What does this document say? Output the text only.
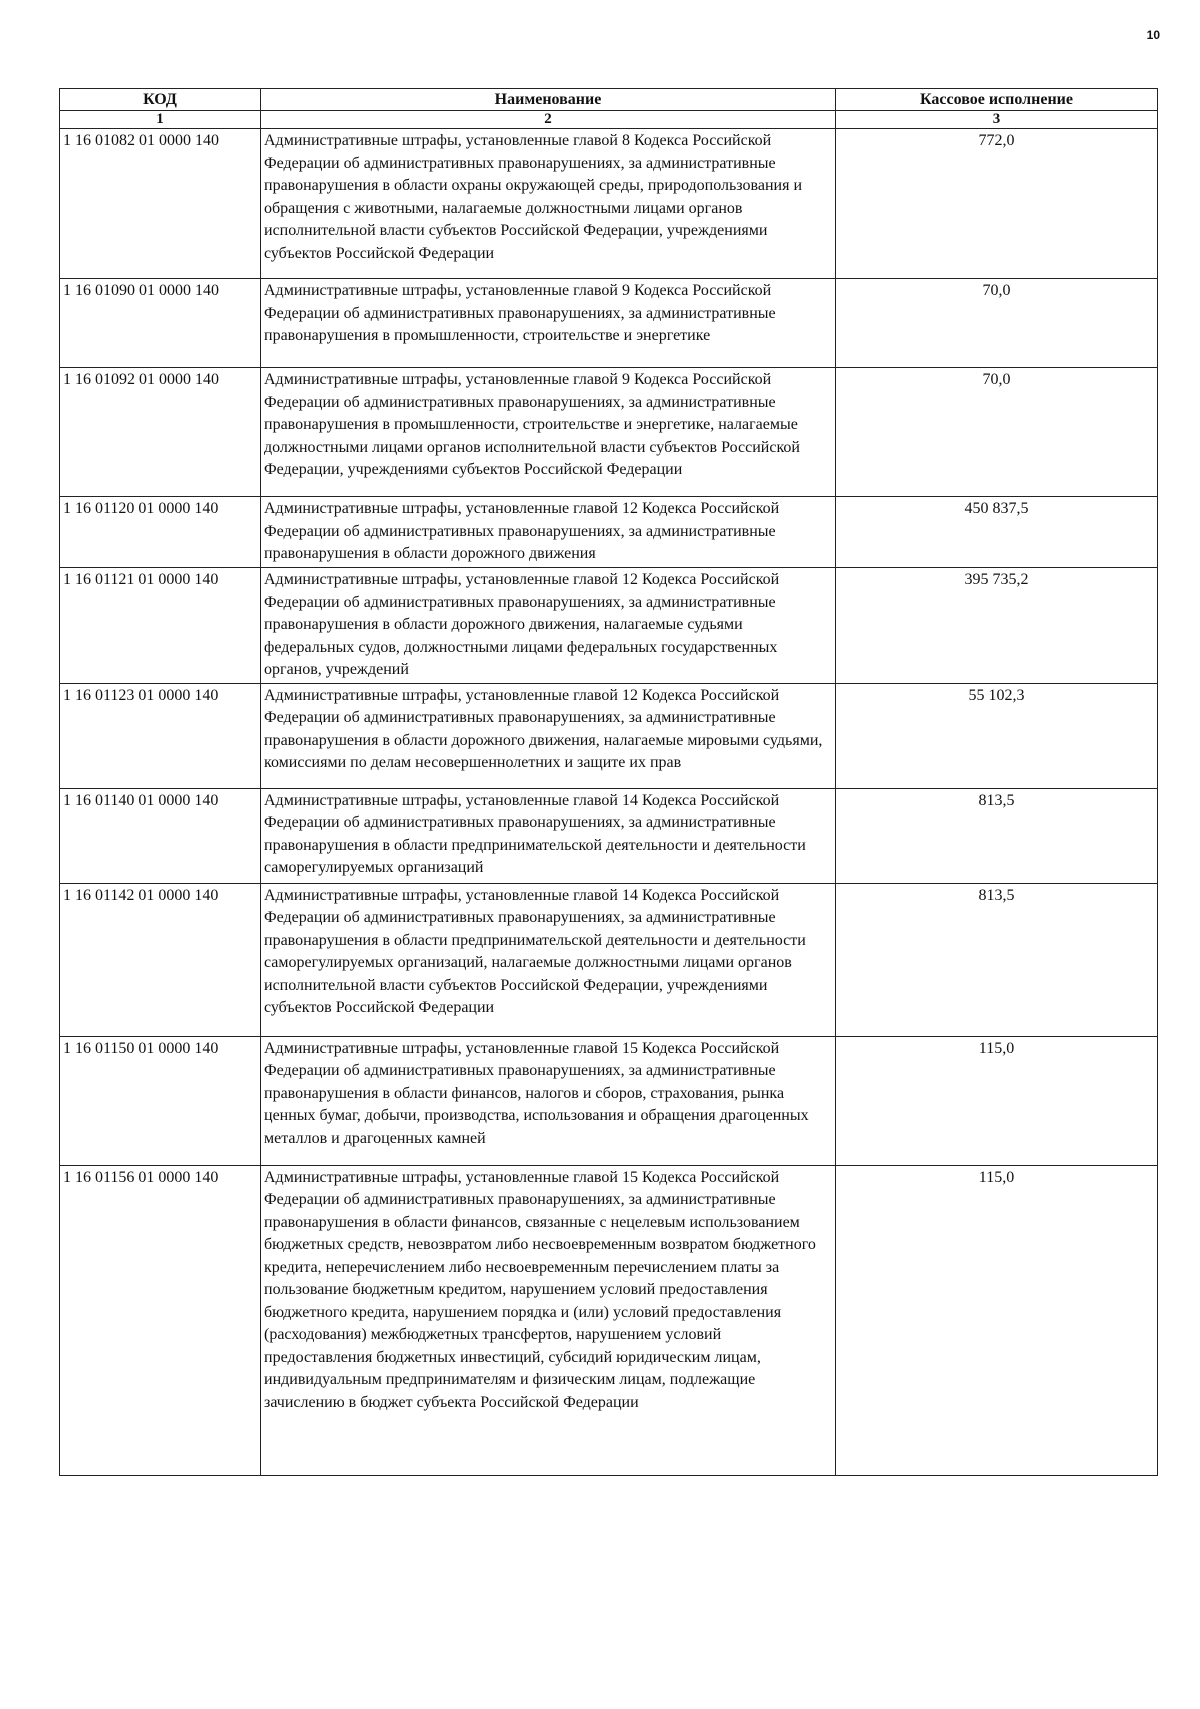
10
КОД	Наименование	Кассовое исполнение
1	2	3
1 16 01082 01 0000 140	Административные штрафы, установленные главой 8 Кодекса Российской Федерации об административных правонарушениях, за административные правонарушения в области охраны окружающей среды, природопользования и обращения с животными, налагаемые должностными лицами органов исполнительной власти субъектов Российской Федерации, учреждениями субъектов Российской Федерации	772,0
1 16 01090 01 0000 140	Административные штрафы, установленные главой 9 Кодекса Российской Федерации об административных правонарушениях, за административные правонарушения в промышленности, строительстве и энергетике	70,0
1 16 01092 01 0000 140	Административные штрафы, установленные главой 9 Кодекса Российской Федерации об административных правонарушениях, за административные правонарушения в промышленности, строительстве и энергетике, налагаемые должностными лицами органов исполнительной власти субъектов Российской Федерации, учреждениями субъектов Российской Федерации	70,0
1 16 01120 01 0000 140	Административные штрафы, установленные главой 12 Кодекса Российской Федерации об административных правонарушениях, за административные правонарушения в области дорожного движения	450 837,5
1 16 01121 01 0000 140	Административные штрафы, установленные главой 12 Кодекса Российской Федерации об административных правонарушениях, за административные правонарушения в области дорожного движения, налагаемые судьями федеральных судов, должностными лицами федеральных государственных органов, учреждений	395 735,2
1 16 01123 01 0000 140	Административные штрафы, установленные главой 12 Кодекса Российской Федерации об административных правонарушениях, за административные правонарушения в области дорожного движения, налагаемые мировыми судьями, комиссиями по делам несовершеннолетних и защите их прав	55 102,3
1 16 01140 01 0000 140	Административные штрафы, установленные главой 14 Кодекса Российской Федерации об административных правонарушениях, за административные правонарушения в области предпринимательской деятельности и деятельности саморегулируемых организаций	813,5
1 16 01142 01 0000 140	Административные штрафы, установленные главой 14 Кодекса Российской Федерации об административных правонарушениях, за административные правонарушения в области предпринимательской деятельности и деятельности саморегулируемых организаций, налагаемые должностными лицами органов исполнительной власти субъектов Российской Федерации, учреждениями субъектов Российской Федерации	813,5
1 16 01150 01 0000 140	Административные штрафы, установленные главой 15 Кодекса Российской Федерации об административных правонарушениях, за административные правонарушения в области финансов, налогов и сборов, страхования, рынка ценных бумаг, добычи, производства, использования и обращения драгоценных металлов и драгоценных камней	115,0
1 16 01156 01 0000 140	Административные штрафы, установленные главой 15 Кодекса Российской Федерации об административных правонарушениях, за административные правонарушения в области финансов, связанные с нецелевым использованием бюджетных средств, невозвратом либо несвоевременным возвратом бюджетного кредита, неперечислением либо несвоевременным перечислением платы за пользование бюджетным кредитом, нарушением условий предоставления бюджетного кредита, нарушением порядка и (или) условий предоставления (расходования) межбюджетных трансфертов, нарушением условий предоставления бюджетных инвестиций, субсидий юридическим лицам, индивидуальным предпринимателям и физическим лицам, подлежащие зачислению в бюджет субъекта Российской Федерации	115,0
